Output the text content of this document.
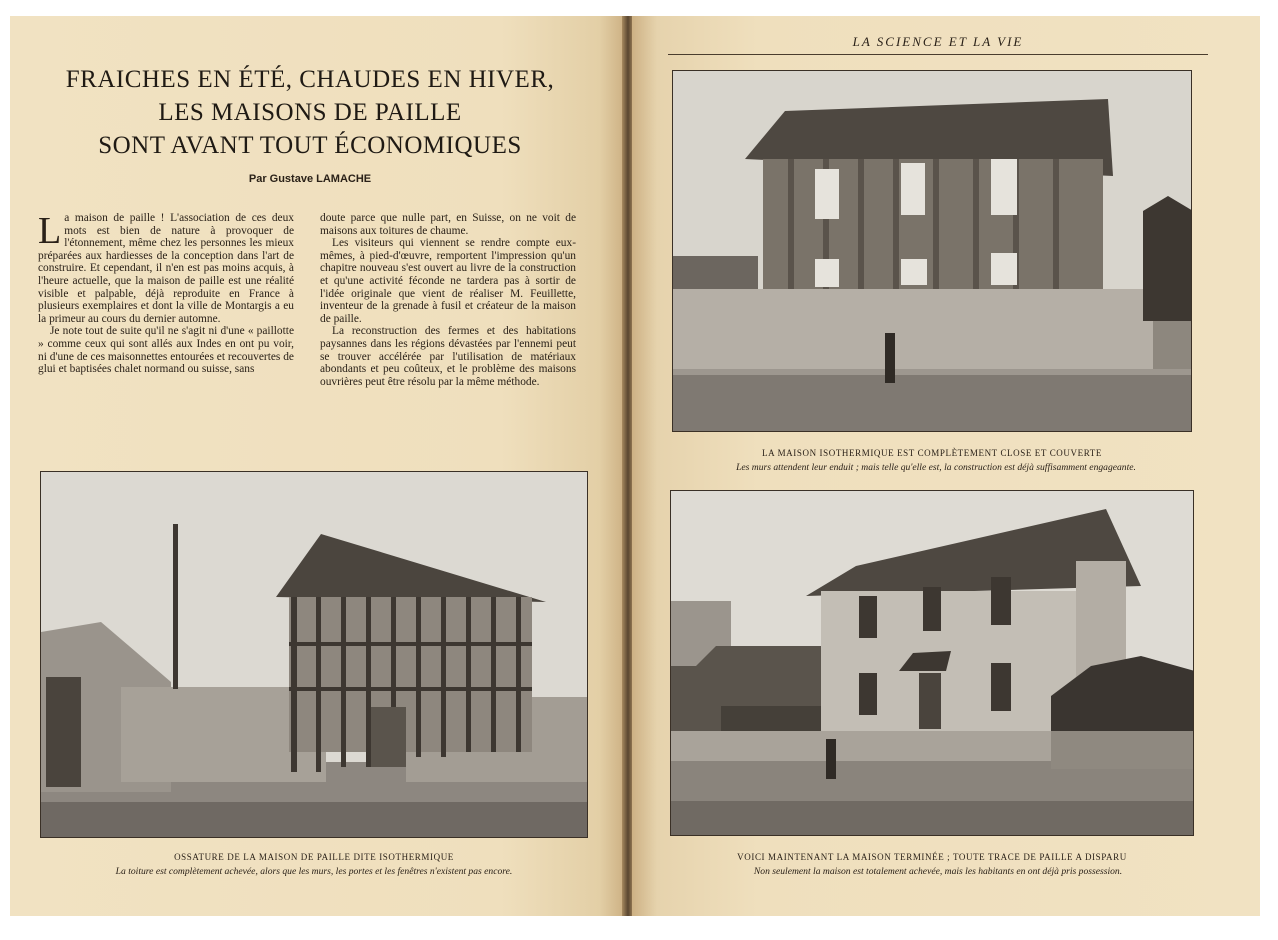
FRAICHES EN ÉTÉ, CHAUDES EN HIVER,
LES MAISONS DE PAILLE
SONT AVANT TOUT ÉCONOMIQUES
Par Gustave LAMACHE

La maison de paille ! L'association de ces deux mots est bien de nature à provoquer de l'étonnement, même chez les personnes les mieux préparées aux hardiesses de la conception dans l'art de construire. Et cependant, il n'en est pas moins acquis, à l'heure actuelle, que la maison de paille est une réalité visible et palpable, déjà reproduite en France à plusieurs exemplaires et dont la ville de Montargis a eu la primeur au cours du dernier automne.

Je note tout de suite qu'il ne s'agit ni d'une « paillotte » comme ceux qui sont allés aux Indes en ont pu voir, ni d'une de ces maisonnettes entourées et recouvertes de glui et baptisées chalet normand ou suisse, sans

doute parce que nulle part, en Suisse, on ne voit de maisons aux toitures de chaume.

Les visiteurs qui viennent se rendre compte eux-mêmes, à pied-d'œuvre, remportent l'impression qu'un chapitre nouveau s'est ouvert au livre de la construction et qu'une activité féconde ne tardera pas à sortir de l'idée originale que vient de réaliser M. Feuillette, inventeur de la grenade à fusil et créateur de la maison de paille.

La reconstruction des fermes et des habitations paysannes dans les régions dévastées par l'ennemi peut se trouver accélérée par l'utilisation de matériaux abondants et peu coûteux, et le problème des maisons ouvrières peut être résolu par la même méthode.

OSSATURE DE LA MAISON DE PAILLE DITE ISOTHERMIQUE
La toiture est complètement achevée, alors que les murs, les portes et les fenêtres n'existent pas encore.
LA SCIENCE ET LA VIE
LA MAISON ISOTHERMIQUE EST COMPLÈTEMENT CLOSE ET COUVERTE
Les murs attendent leur enduit ; mais telle qu'elle est, la construction est déjà suffisamment engageante.
VOICI MAINTENANT LA MAISON TERMINÉE ; TOUTE TRACE DE PAILLE A DISPARU
Non seulement la maison est totalement achevée, mais les habitants en ont déjà pris possession.
